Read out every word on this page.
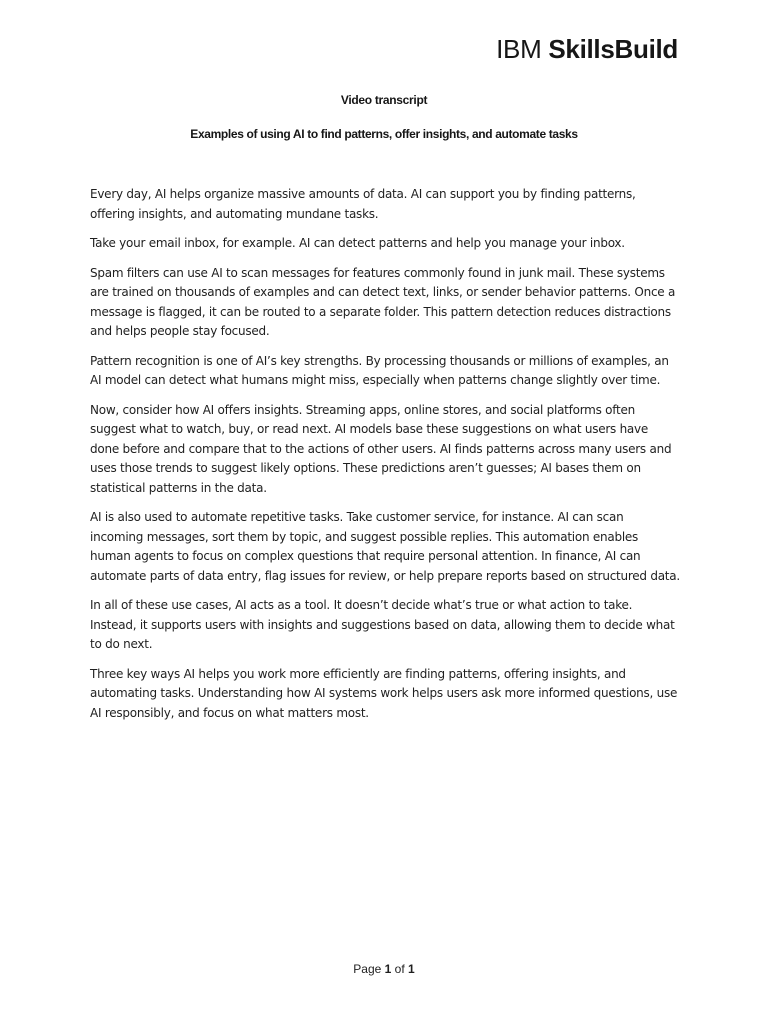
IBM SkillsBuild
Video transcript
Examples of using AI to find patterns, offer insights, and automate tasks

Every day, AI helps organize massive amounts of data. AI can support you by finding patterns, offering insights, and automating mundane tasks.

Take your email inbox, for example. AI can detect patterns and help you manage your inbox.

Spam filters can use AI to scan messages for features commonly found in junk mail. These systems are trained on thousands of examples and can detect text, links, or sender behavior patterns. Once a message is flagged, it can be routed to a separate folder. This pattern detection reduces distractions and helps people stay focused.

Pattern recognition is one of AI’s key strengths. By processing thousands or millions of examples, an AI model can detect what humans might miss, especially when patterns change slightly over time.

Now, consider how AI offers insights. Streaming apps, online stores, and social platforms often suggest what to watch, buy, or read next. AI models base these suggestions on what users have done before and compare that to the actions of other users. AI finds patterns across many users and uses those trends to suggest likely options. These predictions aren’t guesses; AI bases them on statistical patterns in the data.

AI is also used to automate repetitive tasks. Take customer service, for instance. AI can scan incoming messages, sort them by topic, and suggest possible replies. This automation enables human agents to focus on complex questions that require personal attention. In finance, AI can automate parts of data entry, flag issues for review, or help prepare reports based on structured data.

In all of these use cases, AI acts as a tool. It doesn’t decide what’s true or what action to take. Instead, it supports users with insights and suggestions based on data, allowing them to decide what to do next.

Three key ways AI helps you work more efficiently are finding patterns, offering insights, and automating tasks. Understanding how AI systems work helps users ask more informed questions, use AI responsibly, and focus on what matters most.

Page 1 of 1
